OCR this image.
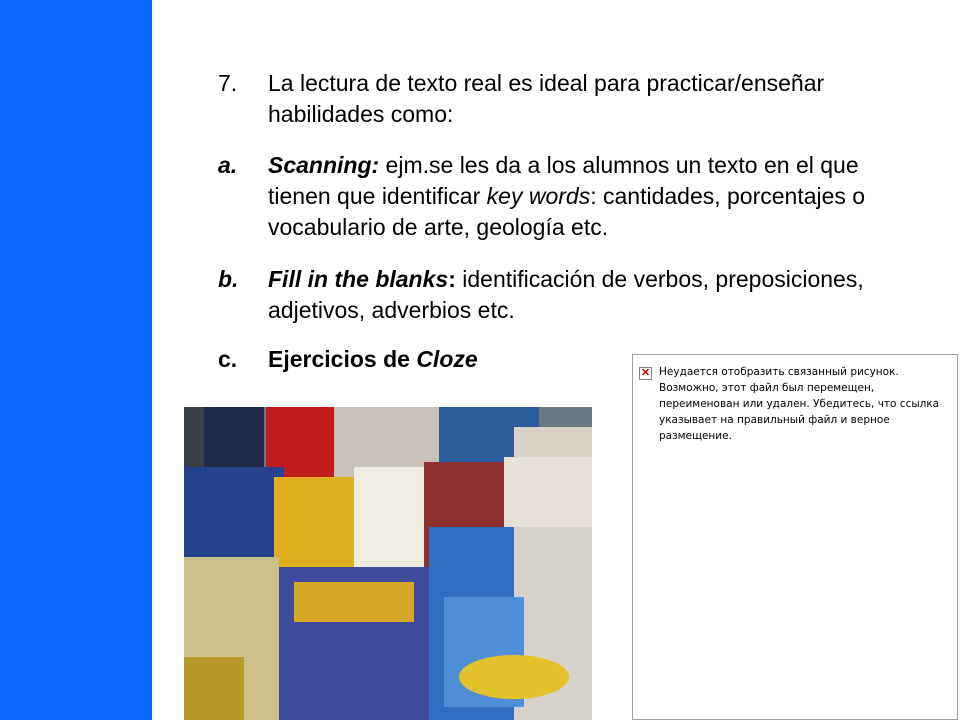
7. La lectura de texto real es ideal para practicar/enseñar habilidades como:
a. Scanning: ejm.se les da a los alumnos un texto en el que tienen que identificar key words: cantidades, porcentajes o vocabulario de arte, geología etc.
b. Fill in the blanks: identificación de verbos, preposiciones, adjetivos, adverbios etc.
c. Ejercicios de Cloze
✕ Неудается отобразить связанный рисунок. Возможно, этот файл был перемещен, переименован или удален. Убедитесь, что ссылка указывает на правильный файл и верное размещение.
